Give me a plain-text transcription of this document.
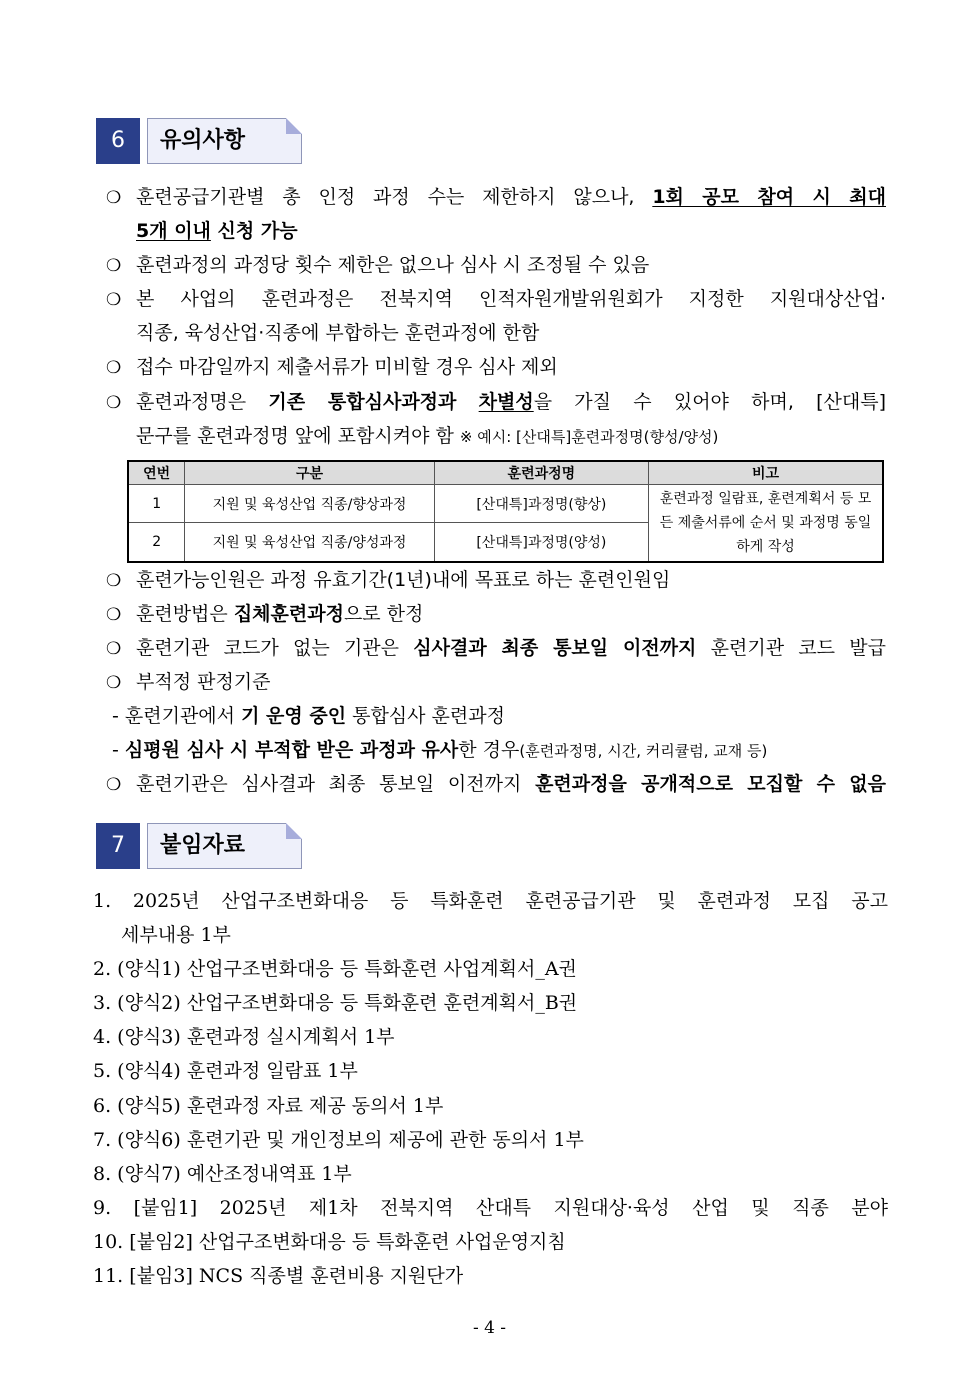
6	유의사항
❍ 훈련공급기관별 총 인정 과정 수는 제한하지 않으나, 1회 공모 참여 시 최대
5개 이내 신청 가능
❍ 훈련과정의 과정당 횟수 제한은 없으나 심사 시 조정될 수 있음
❍ 본 사업의 훈련과정은 전북지역 인적자원개발위원회가 지정한 지원대상산업·
직종, 육성산업·직종에 부합하는 훈련과정에 한함
❍ 접수 마감일까지 제출서류가 미비할 경우 심사 제외
❍ 훈련과정명은 기존 통합심사과정과 차별성을 가질 수 있어야 하며, [산대특]
문구를 훈련과정명 앞에 포함시켜야 함 ※ 예시: [산대특]훈련과정명(향성/양성)
연번	구분	훈련과정명	비고
1	지원 및 육성산업 직종/향상과정	[산대특]과정명(향상)	훈련과정 일람표, 훈련계획서 등 모든 제출서류에 순서 및 과정명 동일하게 작성
2	지원 및 육성산업 직종/양성과정	[산대특]과정명(양성)	
❍ 훈련가능인원은 과정 유효기간(1년)내에 목표로 하는 훈련인원임
❍ 훈련방법은 집체훈련과정으로 한정
❍ 훈련기관 코드가 없는 기관은 심사결과 최종 통보일 이전까지 훈련기관 코드 발급
❍ 부적정 판정기준
- 훈련기관에서 기 운영 중인 통합심사 훈련과정
- 심평원 심사 시 부적합 받은 과정과 유사한 경우(훈련과정명, 시간, 커리큘럼, 교재 등)
❍ 훈련기관은 심사결과 최종 통보일 이전까지 훈련과정을 공개적으로 모집할 수 없음
7	붙임자료
1. 2025년 산업구조변화대응 등 특화훈련 훈련공급기관 및 훈련과정 모집 공고
세부내용 1부
2. (양식1) 산업구조변화대응 등 특화훈련 사업계획서_A권
3. (양식2) 산업구조변화대응 등 특화훈련 훈련계획서_B권
4. (양식3) 훈련과정 실시계획서 1부
5. (양식4) 훈련과정 일람표 1부
6. (양식5) 훈련과정 자료 제공 동의서 1부
7. (양식6) 훈련기관 및 개인정보의 제공에 관한 동의서 1부
8. (양식7) 예산조정내역표 1부
9. [붙임1] 2025년 제1차 전북지역 산대특 지원대상·육성 산업 및 직종 분야
10. [붙임2] 산업구조변화대응 등 특화훈련 사업운영지침
11. [붙임3] NCS 직종별 훈련비용 지원단가
- 4 -
